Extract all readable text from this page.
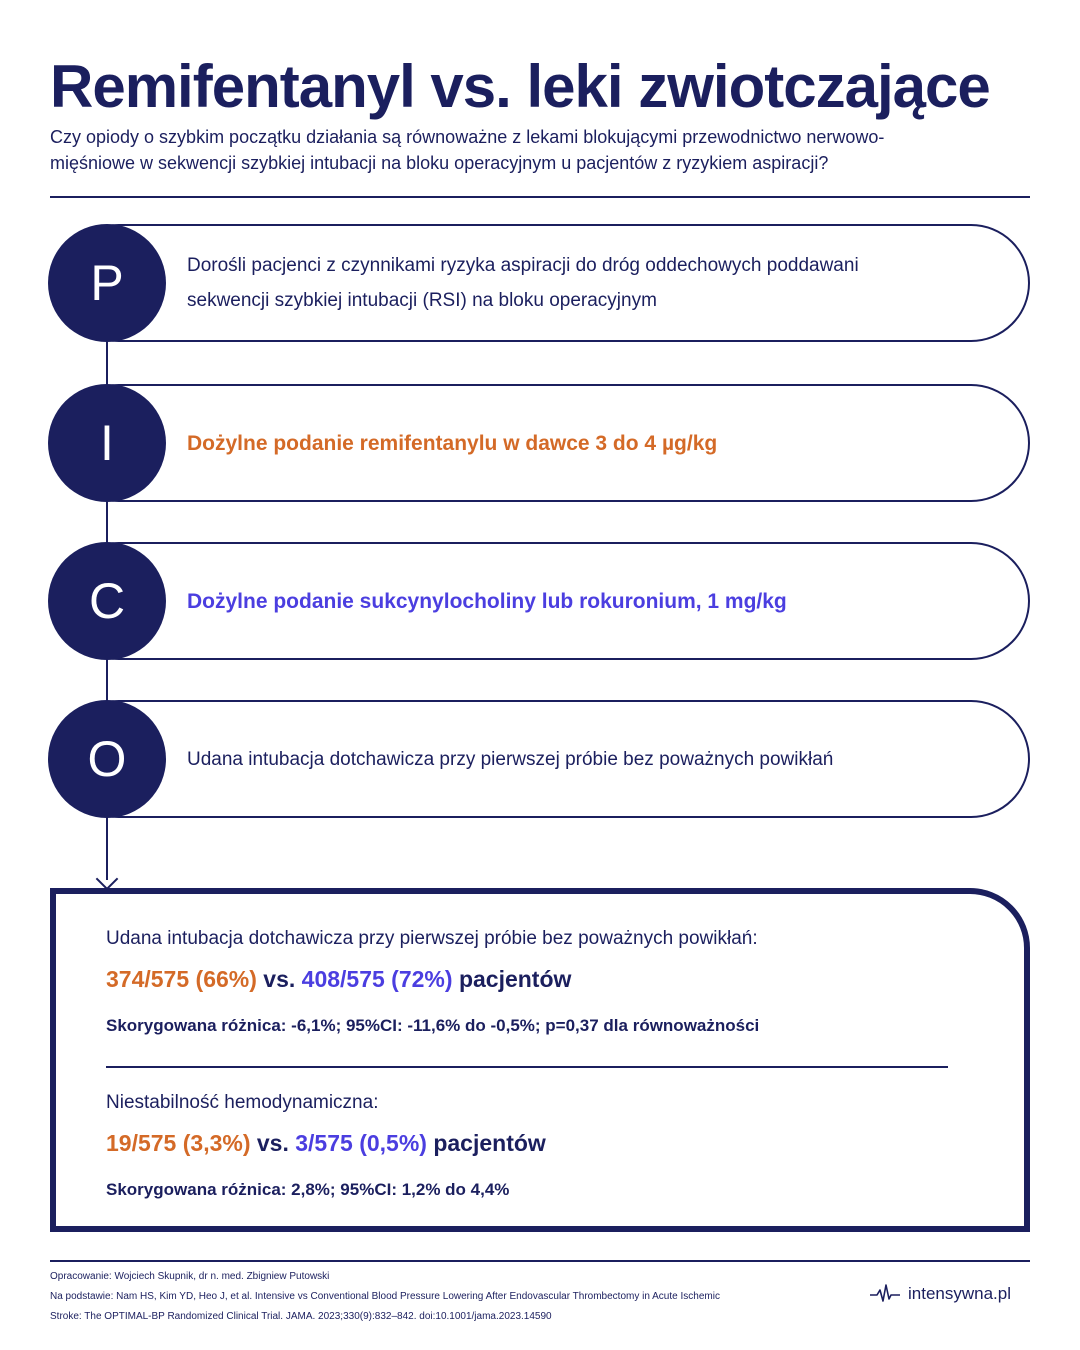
Remifentanyl vs. leki zwiotczające
Czy opiody o szybkim początku działania są równoważne z lekami blokującymi przewodnictwo nerwowo-
mięśniowe w sekwencji szybkiej intubacji na bloku operacyjnym u pacjentów z ryzykiem aspiracji?
Dorośli pacjenci z czynnikami ryzyka aspiracji do dróg oddechowych poddawani
sekwencji szybkiej intubacji (RSI) na bloku operacyjnym
P
Dożylne podanie remifentanylu w dawce 3 do 4 µg/kg
I
Dożylne podanie sukcynylocholiny lub rokuronium, 1 mg/kg
C
Udana intubacja dotchawicza przy pierwszej próbie bez poważnych powikłań
O
Udana intubacja dotchawicza przy pierwszej próbie bez poważnych powikłań:
374/575 (66%) vs. 408/575 (72%) pacjentów
Skorygowana różnica: -6,1%; 95%CI: -11,6% do -0,5%; p=0,37 dla równoważności
Niestabilność hemodynamiczna:
19/575 (3,3%) vs. 3/575 (0,5%) pacjentów
Skorygowana różnica: 2,8%; 95%CI: 1,2% do 4,4%
Opracowanie: Wojciech Skupnik, dr n. med. Zbigniew Putowski
Na podstawie: Nam HS, Kim YD, Heo J, et al. Intensive vs Conventional Blood Pressure Lowering After Endovascular Thrombectomy in Acute Ischemic
Stroke: The OPTIMAL-BP Randomized Clinical Trial. JAMA. 2023;330(9):832–842. doi:10.1001/jama.2023.14590
intensywna.pl
